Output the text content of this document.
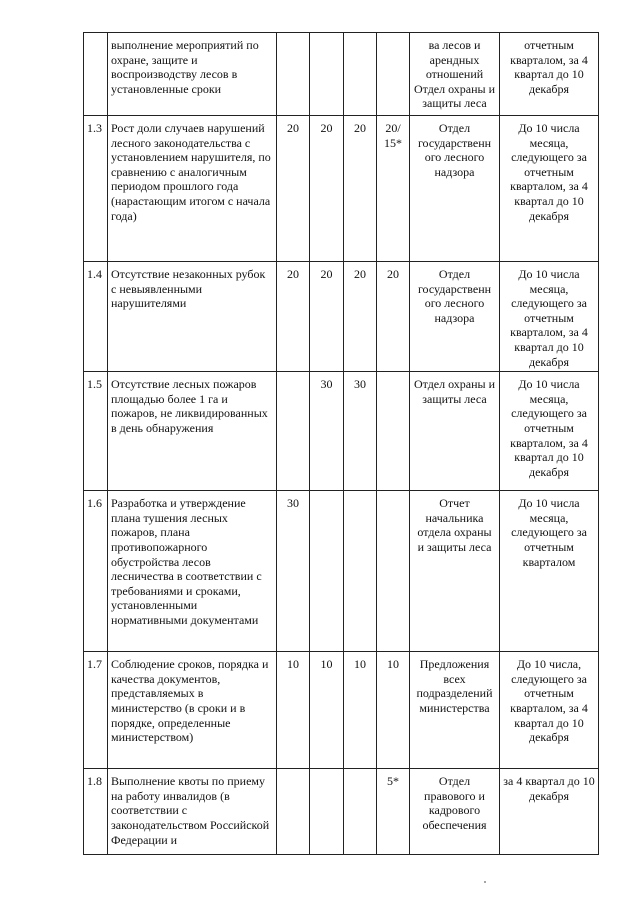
	выполнение мероприятий по охране, защите и воспроизводству лесов в установленные сроки					ва лесов и арендных отношений Отдел охраны и защиты леса	отчетным кварталом, за 4 квартал до 10 декабря
1.3	Рост доли случаев нарушений лесного законодательства с установлением нарушителя, по сравнению с аналогичным периодом прошлого года (нарастающим итогом с начала года)	20	20	20	20/ 15*	Отдел государственн ого лесного надзора	До 10 числа месяца, следующего за отчетным кварталом, за 4 квартал до 10 декабря
1.4	Отсутствие незаконных рубок с невыявленными нарушителями	20	20	20	20	Отдел государственн ого лесного надзора	До 10 числа месяца, следующего за отчетным кварталом, за 4 квартал до 10 декабря
1.5	Отсутствие лесных пожаров площадью более 1 га и пожаров, не ликвидированных в день обнаружения		30	30		Отдел охраны и защиты леса	До 10 числа месяца, следующего за отчетным кварталом, за 4 квартал до 10 декабря
1.6	Разработка и утверждение плана тушения лесных пожаров, плана противопожарного обустройства лесов лесничества в соответствии с требованиями и сроками, установленными нормативными документами	30				Отчет начальника отдела охраны и защиты леса	До 10 числа месяца, следующего за отчетным кварталом
1.7	Соблюдение сроков, порядка и качества документов, представляемых в министерство (в сроки и в порядке, определенные министерством)	10	10	10	10	Предложения всех подразделений министерства	До 10 числа, следующего за отчетным кварталом, за 4 квартал до 10 декабря
1.8	Выполнение квоты по приему на работу инвалидов (в соответствии с законодательством Российской Федерации и				5*	Отдел правового и кадрового обеспечения	за 4 квартал до 10 декабря
